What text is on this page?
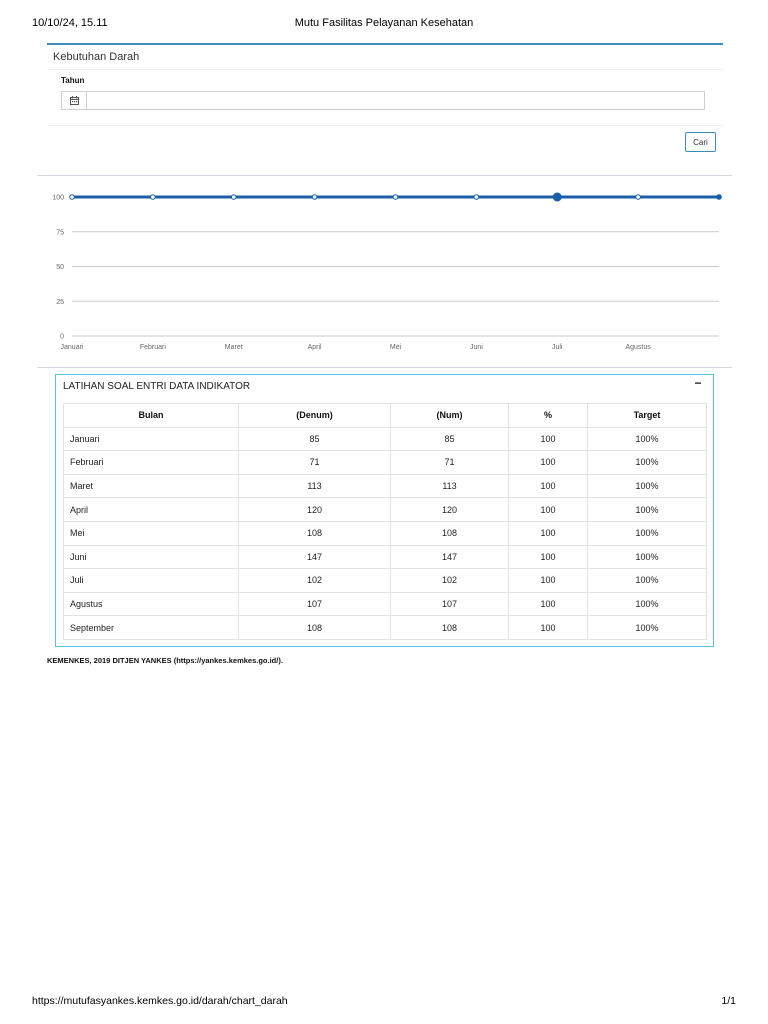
10/10/24, 15.11	Mutu Fasilitas Pelayanan Kesehatan
Kebutuhan Darah
Tahun
Cari
0
25
50
75
100
Januari	Februari	Maret	April	Mei	Juni	Juli	Agustus
LATIHAN SOAL ENTRI DATA INDIKATOR	−
Bulan	(Denum)	(Num)	%	Target
Januari	85	85	100	100%
Februari	71	71	100	100%
Maret	113	113	100	100%
April	120	120	100	100%
Mei	108	108	100	100%
Juni	147	147	100	100%
Juli	102	102	100	100%
Agustus	107	107	100	100%
September	108	108	100	100%
KEMENKES, 2019 DITJEN YANKES (https://yankes.kemkes.go.id/).
https://mutufasyankes.kemkes.go.id/darah/chart_darah	1/1
